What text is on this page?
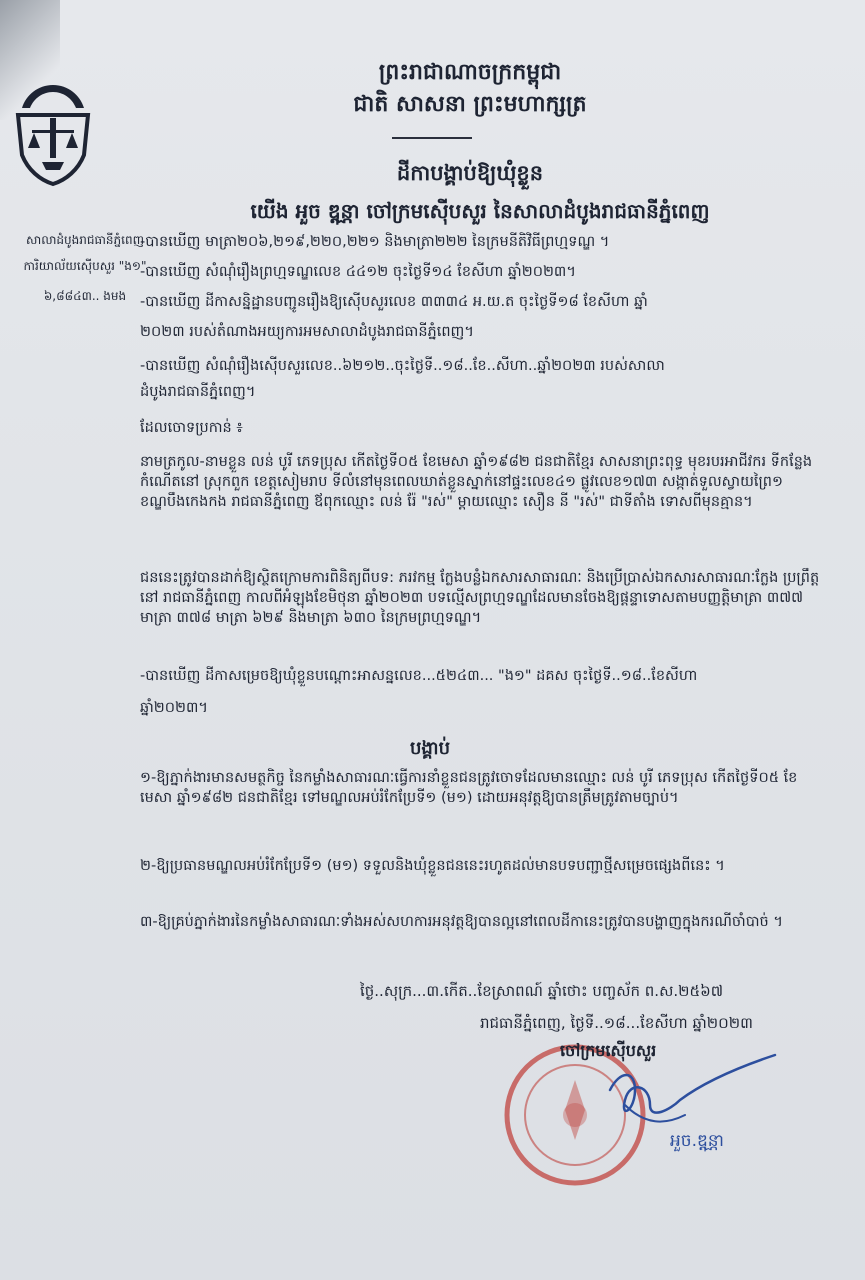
សាលាដំបូងរាជធានីភ្នំពេញ
ការិយាល័យស៊ើបសួរ "ង១"
៦,៨៨៤៣.. ងមង
ព្រះរាជាណាចក្រកម្ពុជា
ជាតិ សាសនា ព្រះមហាក្សត្រ
ដីកាបង្គាប់ឱ្យឃុំខ្លួន
យើង អួច ឌុន្ណា ចៅក្រមស៊ើបសួរ នៃសាលាដំបូងរាជធានីភ្នំពេញ
-បានឃើញ មាត្រា២០៦,២១៩,២២០,២២១ និងមាត្រា២២២ នៃក្រមនីតិវិធីព្រហ្មទណ្ឌ ។
-បានឃើញ សំណុំរឿងព្រហ្មទណ្ឌលេខ ៤៤១២ ចុះថ្ងៃទី១៤ ខែសីហា ឆ្នាំ២០២៣។
-បានឃើញ ដីកាសន្និដ្ឋានបញ្ជូនរឿងឱ្យស៊ើបសួរលេខ ៣៣៣៤ អ.យ.ត ចុះថ្ងៃទី១៨ ខែសីហា ឆ្នាំ
២០២៣ របស់តំណាងអយ្យការអមសាលាដំបូងរាជធានីភ្នំពេញ។
-បានឃើញ សំណុំរឿងស៊ើបសួរលេខ..៦២១២..ចុះថ្ងៃទី..១៨..ខែ..សីហា..ឆ្នាំ២០២៣ របស់សាលា
ដំបូងរាជធានីភ្នំពេញ។
ដែលចោទប្រកាន់ ៖
នាមត្រកូល-នាមខ្លួន លន់ បូរី ភេទប្រុស កើតថ្ងៃទី០៥ ខែមេសា ឆ្នាំ១៩៨២ ជនជាតិខ្មែរ សាសនាព្រះពុទ្ធ មុខរបរអាជីវករ ទីកន្លែងកំណើតនៅ ស្រុកពួក ខេត្តសៀមរាប ទីលំនៅមុនពេលឃាត់ខ្លួនស្នាក់នៅផ្ទះលេខ៤១ ផ្លូវលេខ១៧៣ សង្កាត់ទួលស្វាយព្រៃ១ ខណ្ឌបឹងកេងកង រាជធានីភ្នំពេញ ឪពុកឈ្មោះ លន់ រ៉ែ "រស់" ម្តាយឈ្មោះ សឿន នី "រស់" ជាទីតាំង ទោសពីមុនគ្មាន។
ជននេះត្រូវបានដាក់ឱ្យស្ថិតក្រោមការពិនិត្យពីបទ: ភរវកម្ម ក្លែងបន្លំឯកសារសាធារណៈ និងប្រើប្រាស់ឯកសារសាធារណៈក្លែង ប្រព្រឹត្តនៅ រាជធានីភ្នំពេញ កាលពីអំឡុងខែមិថុនា ឆ្នាំ២០២៣ បទល្មើសព្រហ្មទណ្ឌដែលមានចែងឱ្យផ្តន្ទាទោសតាមបញ្ញត្តិមាត្រា ៣៧៧ មាត្រា ៣៧៨ មាត្រា ៦២៩ និងមាត្រា ៦៣០ នៃក្រមព្រហ្មទណ្ឌ។
-បានឃើញ ដីកាសម្រេចឱ្យឃុំខ្លួនបណ្តោះអាសន្នលេខ...៥២៤៣... "ង១" ដគស ចុះថ្ងៃទី..១៨..ខែសីហា
ឆ្នាំ២០២៣។
បង្គាប់
១-ឱ្យភ្នាក់ងារមានសមត្ថកិច្ច នៃកម្លាំងសាធារណៈធ្វើការនាំខ្លួនជនត្រូវចោទដែលមានឈ្មោះ លន់ បូរី ភេទប្រុស កើតថ្ងៃទី០៥ ខែមេសា ឆ្នាំ១៩៨២ ជនជាតិខ្មែរ ទៅមណ្ឌលអប់រំកែប្រែទី១ (ម១) ដោយអនុវត្តឱ្យបានត្រឹមត្រូវតាមច្បាប់។
២-ឱ្យប្រធានមណ្ឌលអប់រំកែប្រែទី១ (ម១) ទទួលនិងឃុំខ្លួនជននេះរហូតដល់មានបទបញ្ជាថ្មីសម្រេចផ្សេងពីនេះ ។
៣-ឱ្យគ្រប់ភ្នាក់ងារនៃកម្លាំងសាធារណៈទាំងអស់សហការអនុវត្តឱ្យបានល្អនៅពេលដីកានេះត្រូវបានបង្ហាញក្នុងករណីចាំបាច់ ។
ថ្ងៃ..សុក្រ...៣.កើត..ខែស្រាពណ៍ ឆ្នាំថោះ បញ្ចស័ក ព.ស.២៥៦៧
រាជធានីភ្នំពេញ, ថ្ងៃទី..១៨...ខែសីហា ឆ្នាំ២០២៣
ចៅក្រមស៊ើបសួរ
អួច.ឌុន្ណា
